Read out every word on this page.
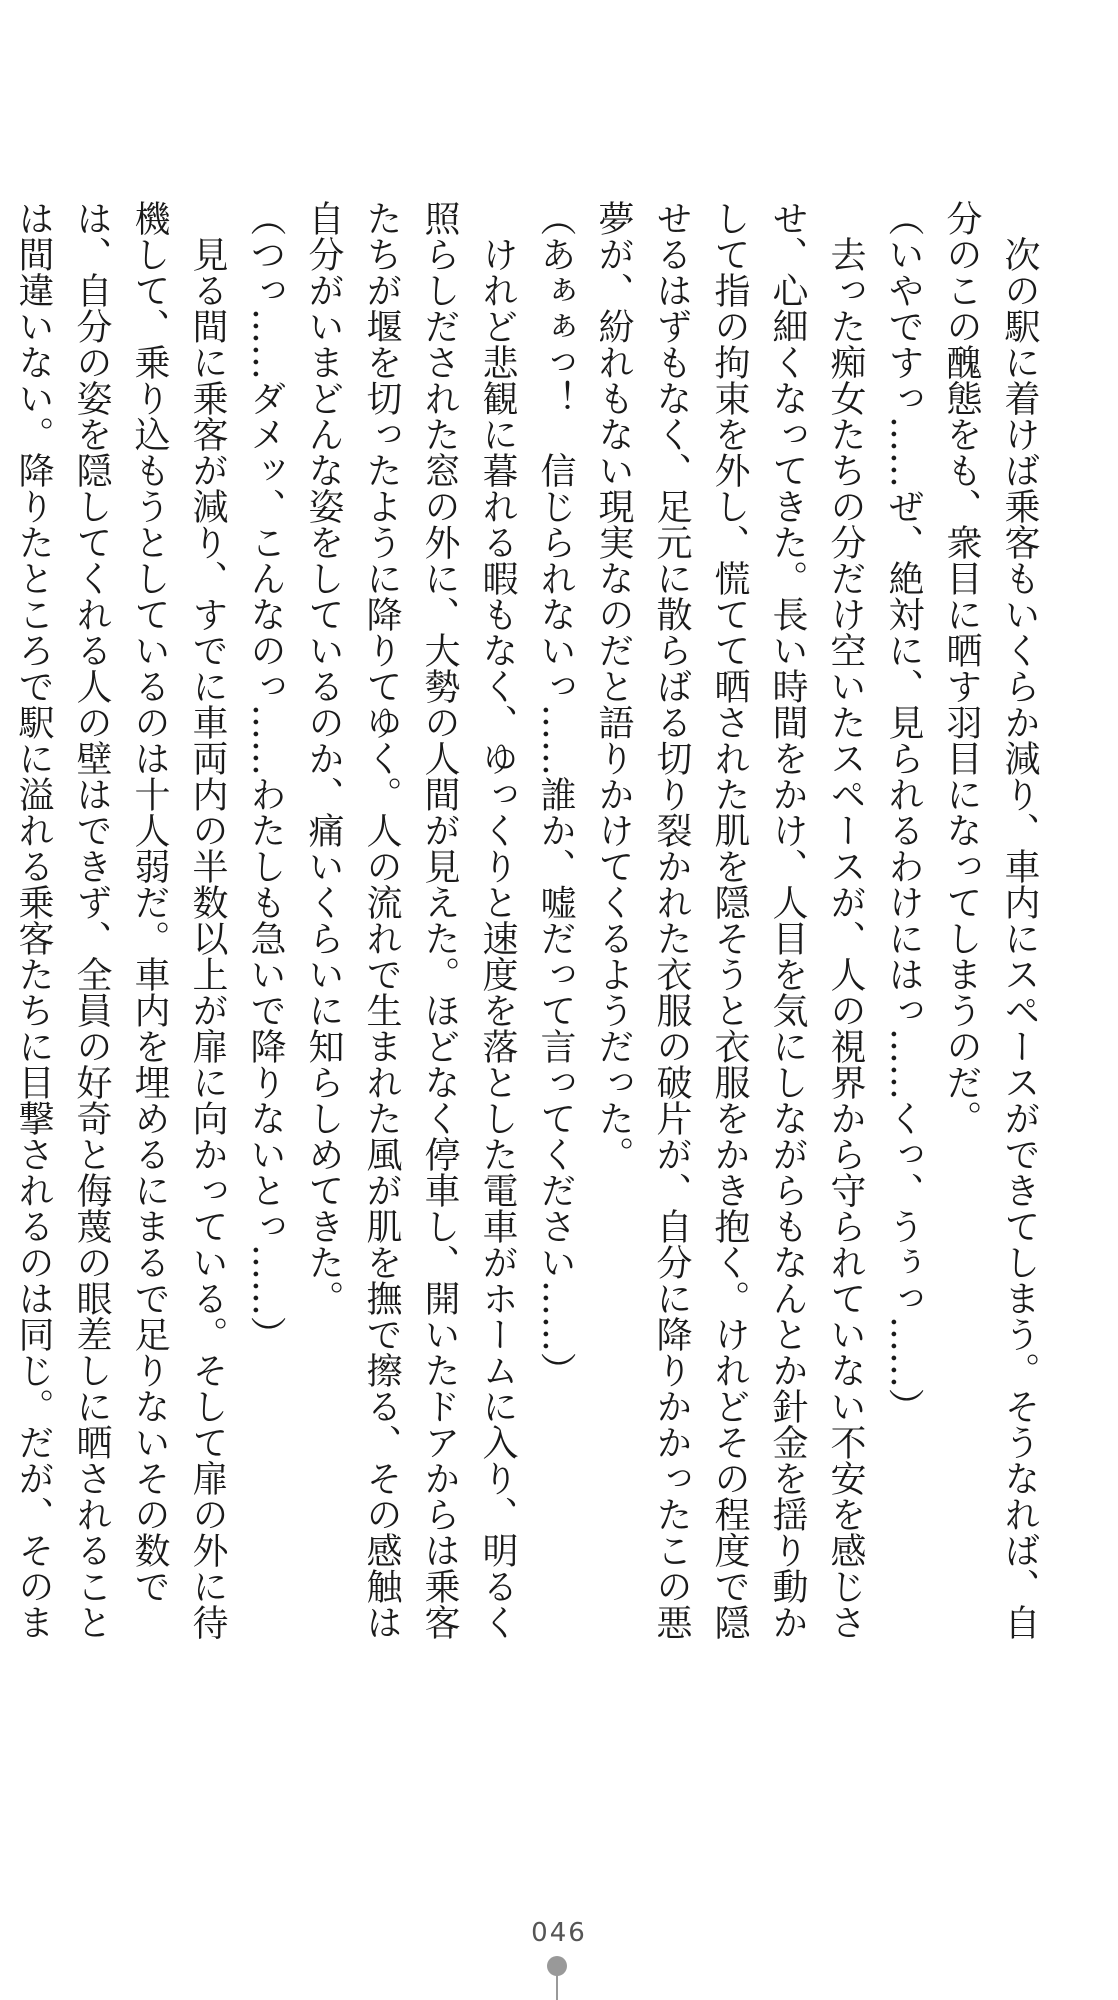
　次の駅に着けば乗客もいくらか減り、車内にスペースができてしまう。そうなれば、自分のこの醜態をも、衆目に晒す羽目になってしまうのだ。

（いやですっ……ぜ、絶対に、見られるわけにはっ……くっ、うぅっ……）

　去った痴女たちの分だけ空いたスペースが、人の視界から守られていない不安を感じさせ、心細くなってきた。長い時間をかけ、人目を気にしながらもなんとか針金を揺り動かして指の拘束を外し、慌てて晒された肌を隠そうと衣服をかき抱く。けれどその程度で隠せるはずもなく、足元に散らばる切り裂かれた衣服の破片が、自分に降りかかったこの悪夢が、紛れもない現実なのだと語りかけてくるようだった。

（あぁぁっ！　信じられないっ……誰か、嘘だって言ってください……）

　けれど悲観に暮れる暇もなく、ゆっくりと速度を落とした電車がホームに入り、明るく照らしだされた窓の外に、大勢の人間が見えた。ほどなく停車し、開いたドアからは乗客たちが堰を切ったように降りてゆく。人の流れで生まれた風が肌を撫で擦る、その感触は自分がいまどんな姿をしているのか、痛いくらいに知らしめてきた。

（つっ……ダメッ、こんなのっ……わたしも急いで降りないとっ……）

　見る間に乗客が減り、すでに車両内の半数以上が扉に向かっている。そして扉の外に待機して、乗り込もうとしているのは十人弱だ。車内を埋めるにまるで足りないその数では、自分の姿を隠してくれる人の壁はできず、全員の好奇と侮蔑の眼差しに晒されることは間違いない。降りたところで駅に溢れる乗客たちに目撃されるのは同じ。だが、そのま

046
